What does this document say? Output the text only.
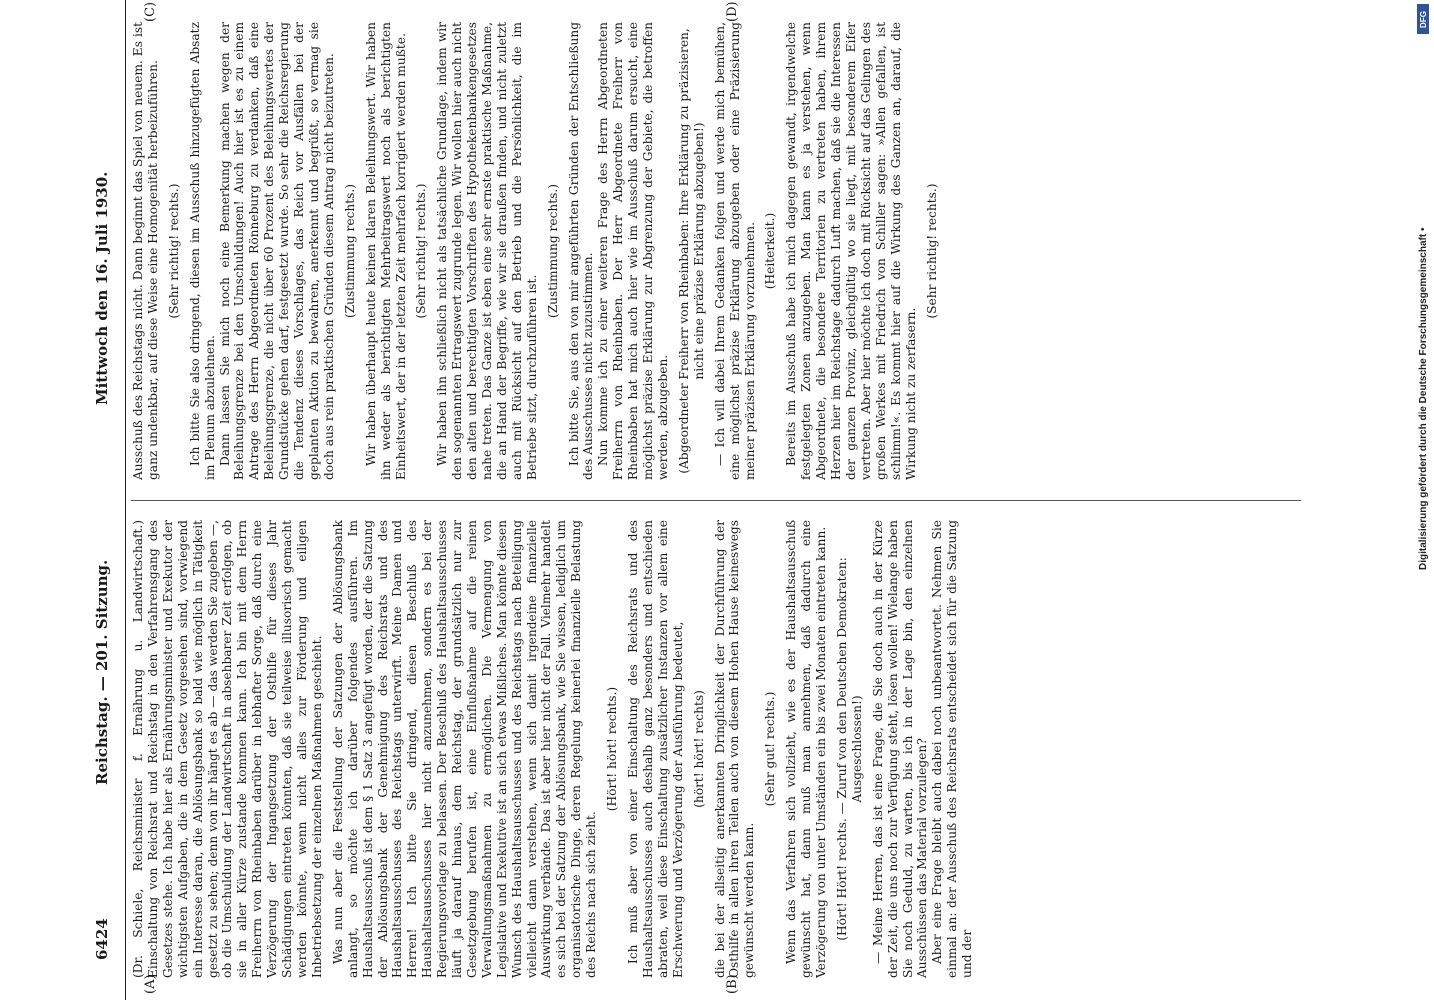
6424
Reichstag. — 201. Sitzung.
Mittwoch den 16. Juli 1930.
(A)	(B)
(C)	(D)

(Dr. Schiele, Reichsminister f. Ernährung u. Landwirtschaft.) Einschaltung von Reichsrat und Reichstag in den Verfahrensgang des Gesetzes stehe. Ich habe hier als Ernährungsminister und Exekutor der wichtigsten Aufgaben, die in dem Gesetz vorgesehen sind, vorwiegend ein Interesse daran, die Ablösungsbank so bald wie möglich in Tätigkeit gesetzt zu sehen; denn von ihr hängt es ab — das werden Sie zugeben —, ob die Umschuldung der Landwirtschaft in absehbarer Zeit erfolgen, ob sie in aller Kürze zustande kommen kann. Ich bin mit dem Herrn Freiherrn von Rheinbaben darüber in lebhafter Sorge, daß durch eine Verzögerung der Ingangsetzung der Osthilfe für dieses Jahr Schädigungen eintreten könnten, daß sie teilweise illusorisch gemacht werden könnte, wenn nicht alles zur Förderung und eiligen Inbetriebsetzung der einzelnen Maßnahmen geschieht. Was nun aber die Feststellung der Satzungen der Ablösungsbank anlangt, so möchte ich darüber folgendes ausführen. Im Haushaltsausschuß ist dem § 1 Satz 3 angefügt worden, der die Satzung der Ablösungsbank der Genehmigung des Reichsrats und des Haushaltsausschusses des Reichstags unterwirft. Meine Damen und Herren! Ich bitte Sie dringend, diesen Beschluß des Haushaltsausschusses hier nicht anzunehmen, sondern es bei der Regierungsvorlage zu belassen. Der Beschluß des Haushaltsausschusses läuft ja darauf hinaus, dem Reichstag, der grundsätzlich nur zur Gesetzgebung berufen ist, eine Einflußnahme auf die reinen Verwaltungsmaßnahmen zu ermöglichen. Die Vermengung von Legislative und Exekutive ist an sich etwas Mißliches. Man könnte diesen Wunsch des Haushaltsausschusses und des Reichstags nach Beteiligung vielleicht dann verstehen, wenn sich damit irgendeine finanzielle Auswirkung verbände. Das ist aber hier nicht der Fall. Vielmehr handelt es sich bei der Satzung der Ablösungsbank, wie Sie wissen, lediglich um organisatorische Dinge, deren Regelung keinerlei finanzielle Belastung des Reichs nach sich zieht.

(Hört! hört! rechts.) Ich muß aber von einer Einschaltung des Reichsrats und des Haushaltsausschusses auch deshalb ganz besonders und entschieden abraten, weil diese Einschaltung zusätzlicher Instanzen vor allem eine Erschwerung und Verzögerung der Ausführung bedeutet, (hört! hört! rechts) die bei der allseitig anerkannten Dringlichkeit der Durchführung der Osthilfe in allen ihren Teilen auch von diesem Hohen Hause keineswegs gewünscht werden kann.

(Sehr gut! rechts.) Wenn das Verfahren sich vollzieht, wie es der Haushaltsausschuß gewünscht hat, dann muß man annehmen, daß dadurch eine Verzögerung von unter Umständen ein bis zwei Monaten eintreten kann. (Hört! Hört! rechts. — Zuruf von den Deutschen Demokraten: Ausgeschlossen!) — Meine Herren, das ist eine Frage, die Sie doch auch in der Kürze der Zeit, die uns noch zur Verfügung steht, lösen wollen! Wielange haben Sie noch Geduld, zu warten, bis ich in der Lage bin, den einzelnen Ausschüssen das Material vorzulegen? Aber eine Frage bleibt auch dabei noch unbeantwortet. Nehmen Sie einmal an: der Ausschuß des Reichsrats entscheidet sich für die Satzung und der

Ausschuß des Reichstags nicht. Dann beginnt das Spiel von neuem. Es ist ganz undenkbar, auf diese Weise eine Homogenität herbeizuführen. (Sehr richtig! rechts.) Ich bitte Sie also dringend, diesen im Ausschuß hinzugefügten Absatz im Plenum abzulehnen. Dann lassen Sie mich noch eine Bemerkung machen wegen der Beleihungsgrenze bei den Umschuldungen! Auch hier ist es zu einem Antrage des Herrn Abgeordneten Rönneburg zu verdanken, daß eine Beleihungsgrenze, die nicht über 60 Prozent des Beleihungswertes der Grundstücke gehen darf, festgesetzt wurde. So sehr die Reichsregierung die Tendenz dieses Vorschlages, das Reich vor Ausfällen bei der geplanten Aktion zu bewahren, anerkennt und begrüßt, so vermag sie doch aus rein praktischen Gründen diesem Antrag nicht beizutreten. (Zustimmung rechts.) Wir haben überhaupt heute keinen klaren Beleihungswert. Wir haben ihn weder als berichtigten Mehrbeitragswert noch als berichtigten Einheitswert, der in der letzten Zeit mehrfach korrigiert werden mußte. (Sehr richtig! rechts.) Wir haben ihn schließlich nicht als tatsächliche Grundlage, indem wir den sogenannten Ertragswert zugrunde legen. Wir wollen hier auch nicht den alten und berechtigten Vorschriften des Hypothekenbankengesetzes nahe treten. Das Ganze ist eben eine sehr ernste praktische Maßnahme, die an Hand der Begriffe, wie wir sie draußen finden, und nicht zuletzt auch mit Rücksicht auf den Betrieb und die Persönlichkeit, die im Betriebe sitzt, durchzuführen ist.

(Zustimmung rechts.) Ich bitte Sie, aus den von mir angeführten Gründen der Entschließung des Ausschusses nicht zuzustimmen. Nun komme ich zu einer weiteren Frage des Herrn Abgeordneten Freiherrn von Rheinbaben. Der Herr Abgeordnete Freiherr von Rheinbaben hat mich auch hier wie im Ausschuß darum ersucht, eine möglichst präzise Erklärung zur Abgrenzung der Gebiete, die betroffen werden, abzugeben. (Abgeordneter Freiherr von Rheinbaben: Ihre Erklärung zu präzisieren, nicht eine präzise Erklärung abzugeben!) — Ich will dabei Ihrem Gedanken folgen und werde mich bemühen, eine möglichst präzise Erklärung abzugeben oder eine Präzisierung meiner präzisen Erklärung vorzunehmen. (Heiterkeit.) Bereits im Ausschuß habe ich mich dagegen gewandt, irgendwelche festgelegten Zonen anzugeben. Man kann es ja verstehen, wenn Abgeordnete, die besondere Territorien zu vertreten haben, ihrem Herzen hier im Reichstage dadurch Luft machen, daß sie die Interessen der ganzen Provinz, gleichgültig wo sie liegt, mit besonderem Eifer vertreten. Aber hier möchte ich doch mit Rücksicht auf das Gelingen des großen Werkes mit Friedrich von Schiller sagen: »Allen gefallen, ist schlimm!«. Es kommt hier auf die Wirkung des Ganzen an, darauf, die Wirkung nicht zu zerfasern.

(Sehr richtig! rechts.)

DFG
Digitalisierung gefördert durch die Deutsche Forschungsgemeinschaft •
